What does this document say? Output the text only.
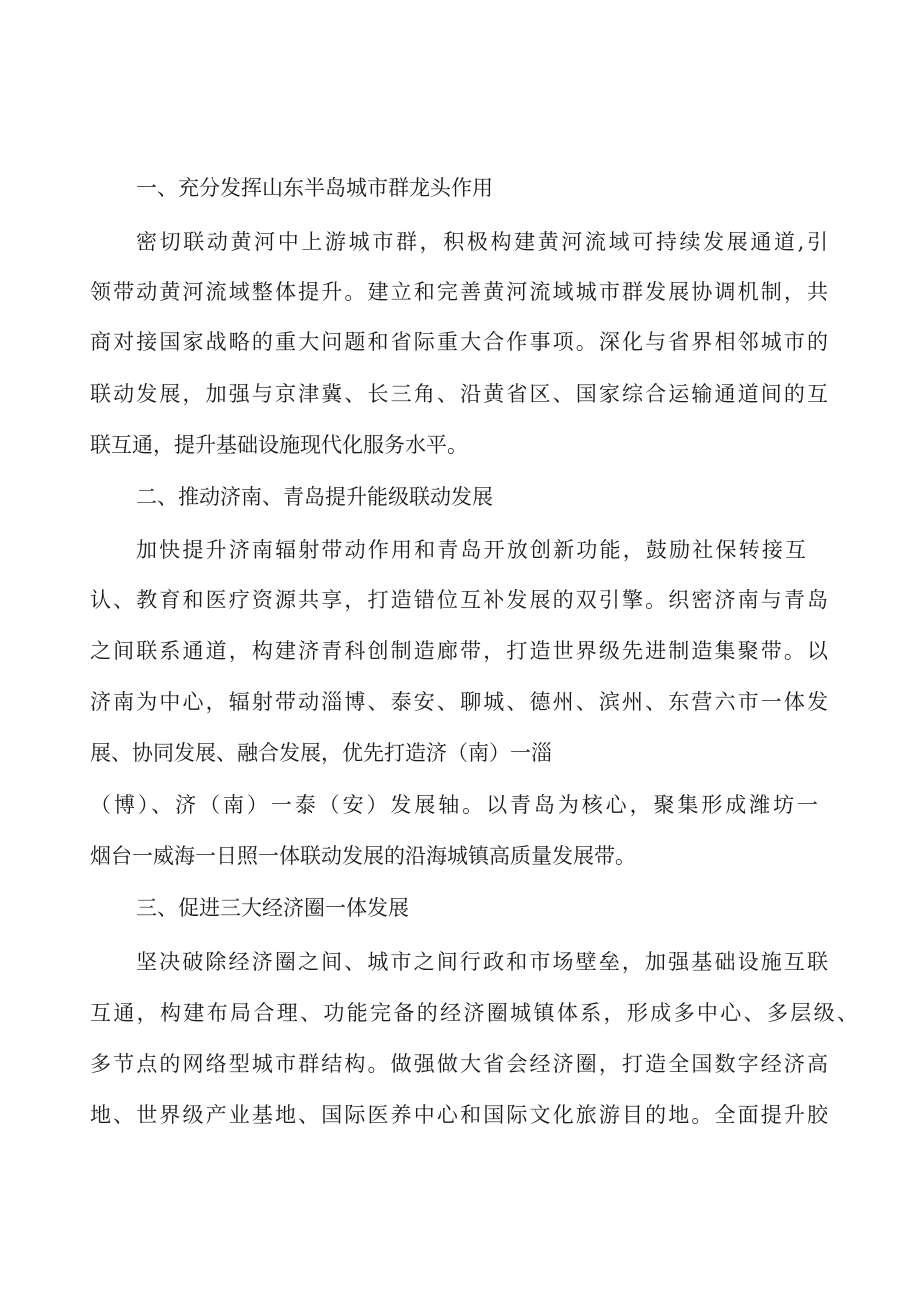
一、充分发挥山东半岛城市群龙头作用

密切联动黄河中上游城市群，积极构建黄河流域可持续发展通道,引

领带动黄河流域整体提升。建立和完善黄河流域城市群发展协调机制，共

商对接国家战略的重大问题和省际重大合作事项。深化与省界相邻城市的

联动发展，加强与京津冀、长三角、沿黄省区、国家综合运输通道间的互

联互通，提升基础设施现代化服务水平。

二、推动济南、青岛提升能级联动发展

加快提升济南辐射带动作用和青岛开放创新功能，鼓励社保转接互

认、教育和医疗资源共享，打造错位互补发展的双引擎。织密济南与青岛

之间联系通道，构建济青科创制造廊带，打造世界级先进制造集聚带。以

济南为中心，辐射带动淄博、泰安、聊城、德州、滨州、东营六市一体发

展、协同发展、融合发展，优先打造济（南）一淄

（博）、济（南）一泰（安）发展轴。以青岛为核心，聚集形成潍坊一

烟台一威海一日照一体联动发展的沿海城镇高质量发展带。

三、促进三大经济圈一体发展

坚决破除经济圈之间、城市之间行政和市场壁垒，加强基础设施互联

互通，构建布局合理、功能完备的经济圈城镇体系，形成多中心、多层级、

多节点的网络型城市群结构。做强做大省会经济圈，打造全国数字经济高

地、世界级产业基地、国际医养中心和国际文化旅游目的地。全面提升胶
